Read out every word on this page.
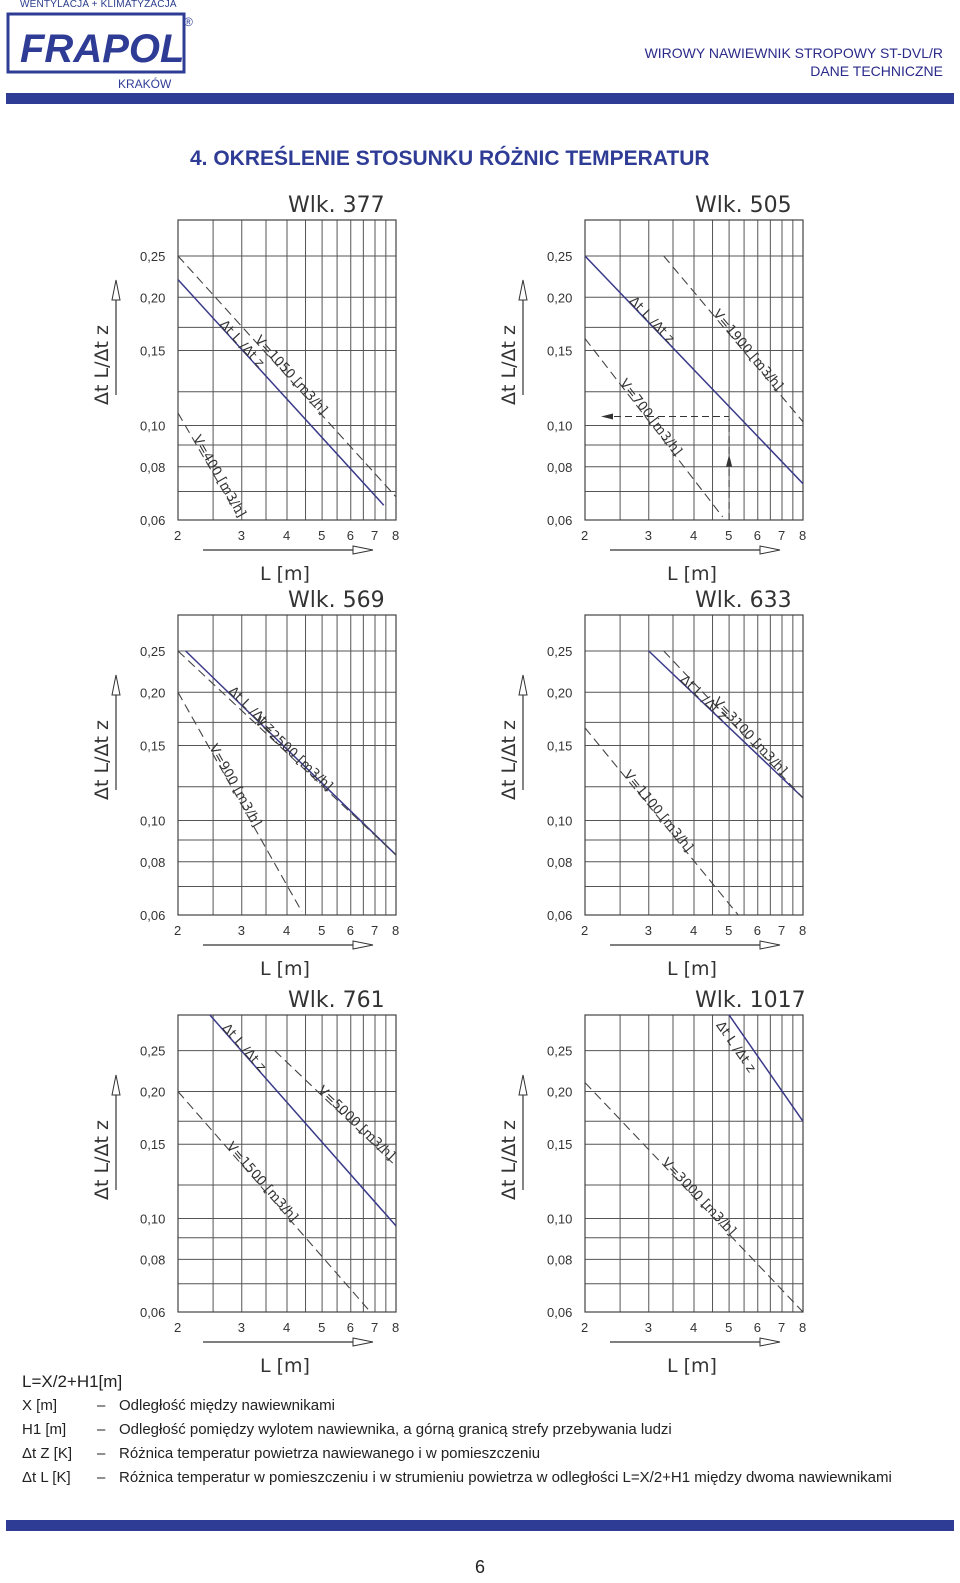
WENTYLACJA + KLIMATYZACJA
FRAPOL
®
KRAKÓW
WIROWY NAWIEWNIK STROPOWY ST-DVL/R
DANE TECHNICZNE
4. OKREŚLENIE STOSUNKU RÓŻNIC TEMPERATUR
0,06
0,08
0,10
0,15
0,20
0,25
2	3	4 5 6 7 8
Wlk. 377
L [m]
Δt L/Δt z
V=400 [m3/h]
Δt L /Δt z
V=1050 [m3/h]
0,06
0,08
0,10
0,15
0,20
0,25
2	3	4 5 6 7 8
Wlk. 505
L [m]
Δt L/Δt z
V=700 [m3/h]
Δt L /Δt z V=1900 [m3/h]
0,06
0,08
0,10
0,15
0,20
0,25
2	3	4 5 6 7 8
Wlk. 569
L [m]
Δt L/Δt z	V=900 [m3/h]
Δt L /Δt z
V=2500 [m3/h]
0,06
0,08
0,10
0,15
0,20
0,25
2	3	4 5 6 7 8
Wlk. 633
L [m]
Δt L/Δt z
V=1100 [m3/h]
Δt L /Δt z
V=3100 [m3/h]
0,06
0,08
0,10
0,15
0,20
0,25
2	3	4 5 6 7 8
Wlk. 761
L [m]
Δt L/Δt z	V=1500 [m3/h]
Δt L /Δt z
V=5000 [m3/h]
0,06
0,08
0,10
0,15
0,20
0,25
2	3	4 5 6 7 8
Wlk. 1017
L [m]
Δt L/Δt z
Δt L /Δt z
V=3000 [m3/h]
L=X/2+H1[m]
X [m]	– Odległość między nawiewnikami
H1 [m] – Odległość pomiędzy wylotem nawiewnika, a górną granicą strefy przebywania ludzi
Δt Z [K] – Różnica temperatur powietrza nawiewanego i w pomieszczeniu
Δt L [K] – Różnica temperatur w pomieszczeniu i w strumieniu powietrza w odległości L=X/2+H1 między dwoma nawiewnikami
6
